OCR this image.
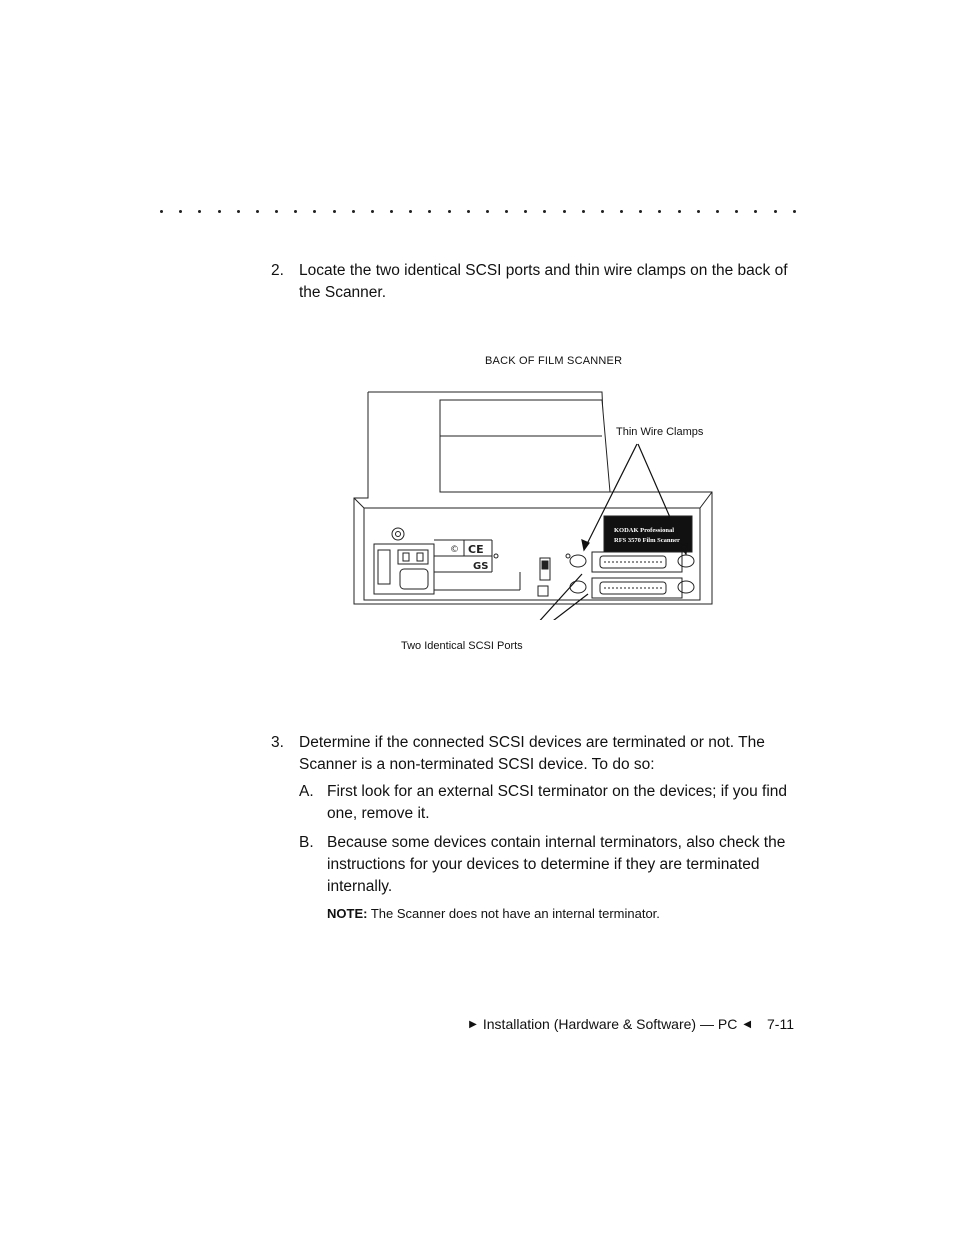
2. Locate the two identical SCSI ports and thin wire clamps on the back of the Scanner.
BACK OF FILM SCANNER
© CE
GS
KODAK Professional
RFS 3570 Film Scanner
Thin Wire Clamps
Two Identical SCSI Ports
3. Determine if the connected SCSI devices are terminated or not. The Scanner is a non-terminated SCSI device. To do so:
A. First look for an external SCSI terminator on the devices; if you find one, remove it.
B. Because some devices contain internal terminators, also check the instructions for your devices to determine if they are terminated internally.
NOTE: The Scanner does not have an internal terminator.
▶ Installation (Hardware & Software) — PC ◀ 7-11
